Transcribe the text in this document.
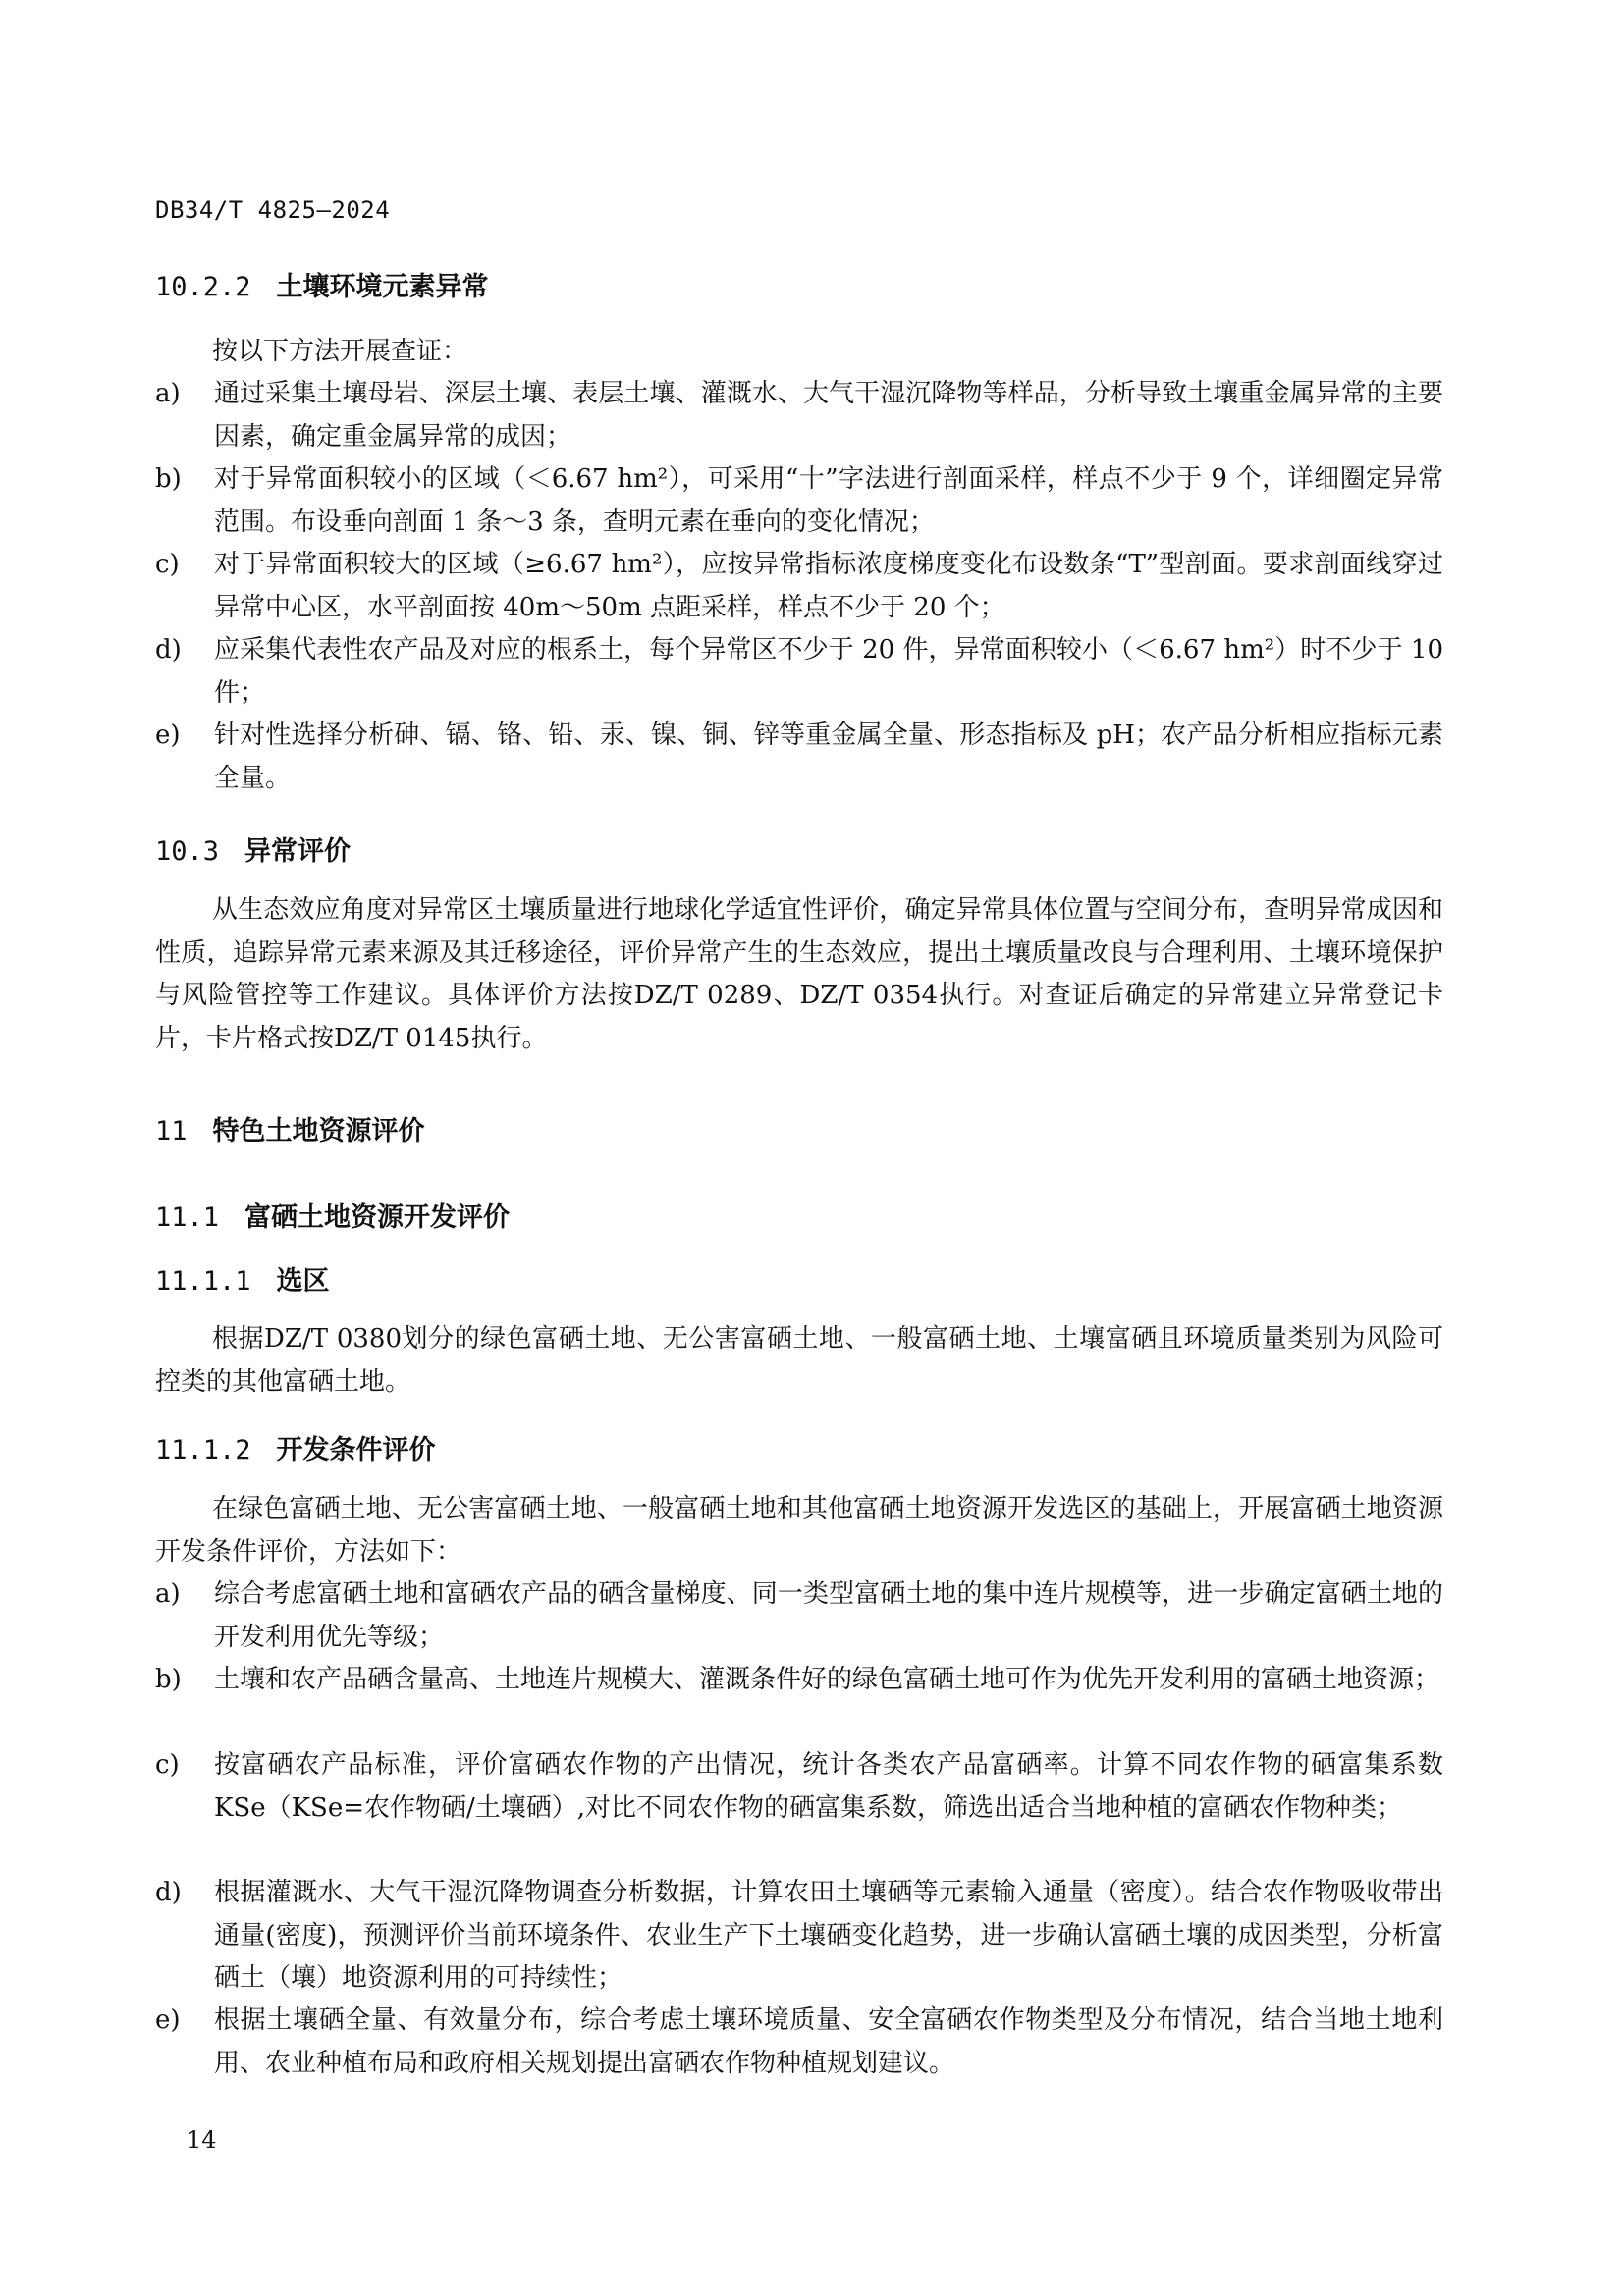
DB34/T 4825—2024
10.2.2 土壤环境元素异常
按以下方法开展查证：
a) 通过采集土壤母岩、深层土壤、表层土壤、灌溉水、大气干湿沉降物等样品，分析导致土壤重金属异常的主要因素，确定重金属异常的成因；
b) 对于异常面积较小的区域（＜6.67 hm²），可采用“十”字法进行剖面采样，样点不少于 9 个，详细圈定异常范围。布设垂向剖面 1 条～3 条，查明元素在垂向的变化情况；
c) 对于异常面积较大的区域（≥6.67 hm²），应按异常指标浓度梯度变化布设数条“T”型剖面。要求剖面线穿过异常中心区，水平剖面按 40m～50m 点距采样，样点不少于 20 个；
d) 应采集代表性农产品及对应的根系土，每个异常区不少于 20 件，异常面积较小（＜6.67 hm²）时不少于 10 件；
e) 针对性选择分析砷、镉、铬、铅、汞、镍、铜、锌等重金属全量、形态指标及 pH；农产品分析相应指标元素全量。
10.3 异常评价
从生态效应角度对异常区土壤质量进行地球化学适宜性评价，确定异常具体位置与空间分布，查明异常成因和性质，追踪异常元素来源及其迁移途径，评价异常产生的生态效应，提出土壤质量改良与合理利用、土壤环境保护与风险管控等工作建议。具体评价方法按DZ/T 0289、DZ/T 0354执行。对查证后确定的异常建立异常登记卡片，卡片格式按DZ/T 0145执行。
11 特色土地资源评价
11.1 富硒土地资源开发评价
11.1.1 选区
根据DZ/T 0380划分的绿色富硒土地、无公害富硒土地、一般富硒土地、土壤富硒且环境质量类别为风险可控类的其他富硒土地。
11.1.2 开发条件评价
在绿色富硒土地、无公害富硒土地、一般富硒土地和其他富硒土地资源开发选区的基础上，开展富硒土地资源开发条件评价，方法如下：
a) 综合考虑富硒土地和富硒农产品的硒含量梯度、同一类型富硒土地的集中连片规模等，进一步确定富硒土地的开发利用优先等级；
b) 土壤和农产品硒含量高、土地连片规模大、灌溉条件好的绿色富硒土地可作为优先开发利用的富硒土地资源；
c) 按富硒农产品标准，评价富硒农作物的产出情况，统计各类农产品富硒率。计算不同农作物的硒富集系数 KSe（KSe=农作物硒/土壤硒）,对比不同农作物的硒富集系数，筛选出适合当地种植的富硒农作物种类；
d) 根据灌溉水、大气干湿沉降物调查分析数据，计算农田土壤硒等元素输入通量（密度）。结合农作物吸收带出通量(密度)，预测评价当前环境条件、农业生产下土壤硒变化趋势，进一步确认富硒土壤的成因类型，分析富硒土（壤）地资源利用的可持续性；
e) 根据土壤硒全量、有效量分布，综合考虑土壤环境质量、安全富硒农作物类型及分布情况，结合当地土地利用、农业种植布局和政府相关规划提出富硒农作物种植规划建议。
14
